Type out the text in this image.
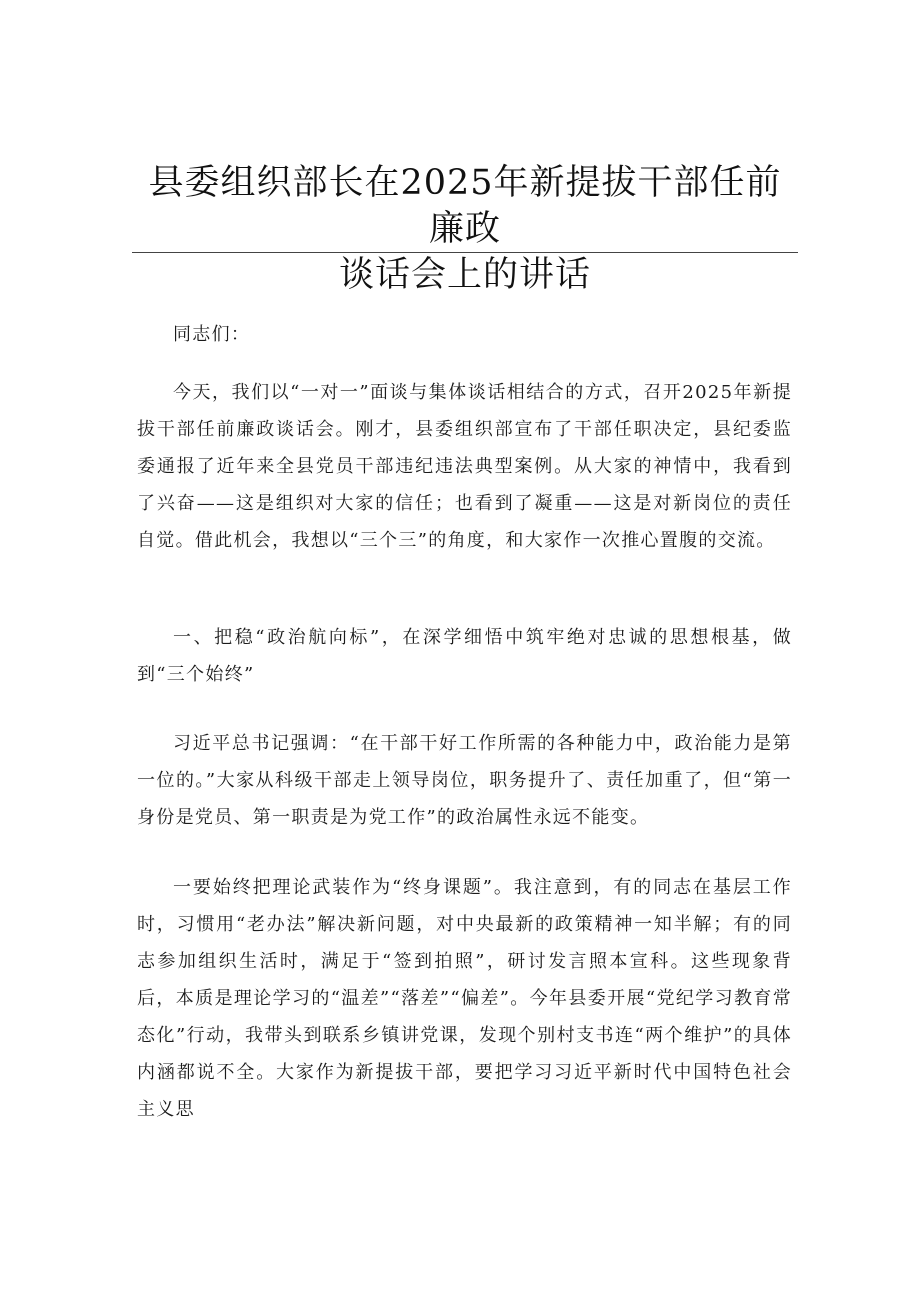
县委组织部长在2025年新提拔干部任前廉政
谈话会上的讲话
同志们：
今天，我们以“一对一”面谈与集体谈话相结合的方式，召开2025年新提拔干部任前廉政谈话会。刚才，县委组织部宣布了干部任职决定，县纪委监委通报了近年来全县党员干部违纪违法典型案例。从大家的神情中，我看到了兴奋——这是组织对大家的信任；也看到了凝重——这是对新岗位的责任自觉。借此机会，我想以“三个三”的角度，和大家作一次推心置腹的交流。
一、把稳“政治航向标”，在深学细悟中筑牢绝对忠诚的思想根基，做到“三个始终”
习近平总书记强调：“在干部干好工作所需的各种能力中，政治能力是第一位的。”大家从科级干部走上领导岗位，职务提升了、责任加重了，但“第一身份是党员、第一职责是为党工作”的政治属性永远不能变。
一要始终把理论武装作为“终身课题”。我注意到，有的同志在基层工作时，习惯用“老办法”解决新问题，对中央最新的政策精神一知半解；有的同志参加组织生活时，满足于“签到拍照”，研讨发言照本宣科。这些现象背后，本质是理论学习的“温差”“落差”“偏差”。今年县委开展“党纪学习教育常态化”行动，我带头到联系乡镇讲党课，发现个别村支书连“两个维护”的具体内涵都说不全。大家作为新提拔干部，要把学习习近平新时代中国特色社会主义思
